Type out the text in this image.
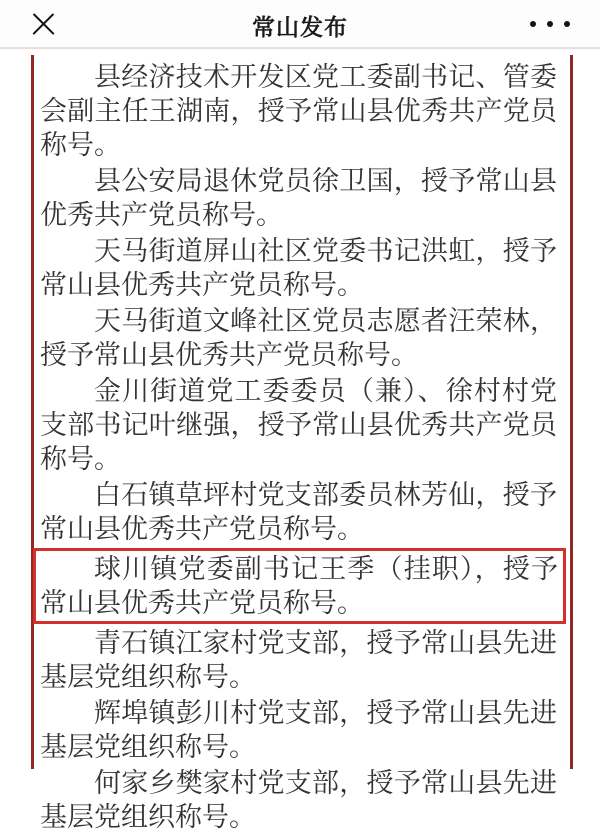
常山发布

县经济技术开发区党工委副书记、管委会副主任王湖南，授予常山县优秀共产党员称号。

县公安局退休党员徐卫国，授予常山县优秀共产党员称号。

天马街道屏山社区党委书记洪虹，授予常山县优秀共产党员称号。

天马街道文峰社区党员志愿者汪荣林，授予常山县优秀共产党员称号。

金川街道党工委委员（兼）、徐村村党支部书记叶继强，授予常山县优秀共产党员称号。

白石镇草坪村党支部委员林芳仙，授予常山县优秀共产党员称号。

球川镇党委副书记王季（挂职），授予常山县优秀共产党员称号。

青石镇江家村党支部，授予常山县先进基层党组织称号。

辉埠镇彭川村党支部，授予常山县先进基层党组织称号。

何家乡樊家村党支部，授予常山县先进基层党组织称号。
